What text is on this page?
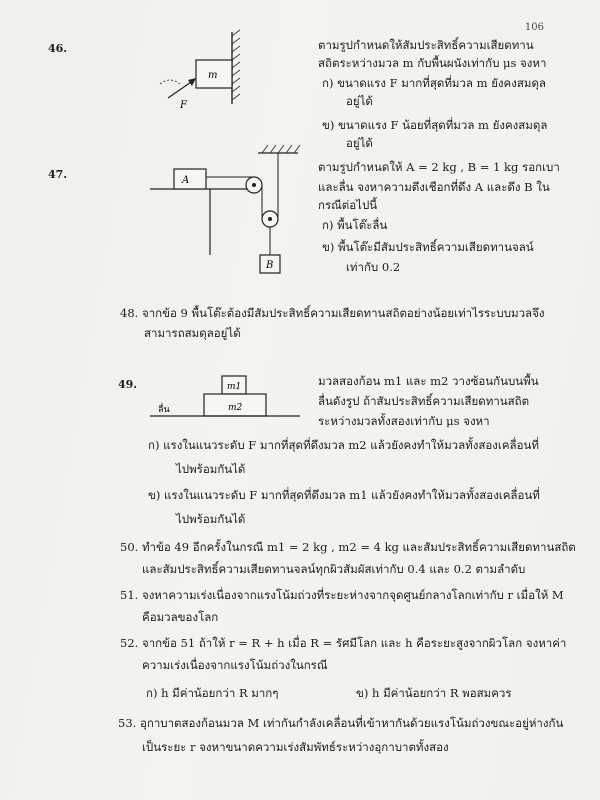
106
46.
m
F
ตามรูปกำหนดให้สัมประสิทธิ์ความเสียดทาน
สถิตระหว่างมวล m กับพื้นผนังเท่ากับ μs จงหา
ก) ขนาดแรง F มากที่สุดที่มวล m ยังคงสมดุล
อยู่ได้
ข) ขนาดแรง F น้อยที่สุดที่มวล m ยังคงสมดุล
อยู่ได้
47.	A
B
ตามรูปกำหนดให้ A = 2 kg , B = 1 kg รอกเบา
และลื่น จงหาความตึงเชือกที่ดึง A และดึง B ใน
กรณีต่อไปนี้
ก) พื้นโต๊ะลื่น
ข) พื้นโต๊ะมีสัมประสิทธิ์ความเสียดทานจลน์
เท่ากับ 0.2
48. จากข้อ 9 พื้นโต๊ะต้องมีสัมประสิทธิ์ความเสียดทานสถิตอย่างน้อยเท่าไรระบบมวลจึง
สามารถสมดุลอยู่ได้
49.	m1
m2
ลื่น
มวลสองก้อน m1 และ m2 วางซ้อนกันบนพื้น
ลื่นดังรูป ถ้าสัมประสิทธิ์ความเสียดทานสถิต
ระหว่างมวลทั้งสองเท่ากับ μs จงหา
ก) แรงในแนวระดับ F มากที่สุดที่ดึงมวล m2 แล้วยังคงทำให้มวลทั้งสองเคลื่อนที่
ไปพร้อมกันได้
ข) แรงในแนวระดับ F มากที่สุดที่ดึงมวล m1 แล้วยังคงทำให้มวลทั้งสองเคลื่อนที่
ไปพร้อมกันได้
50. ทำข้อ 49 อีกครั้งในกรณี m1 = 2 kg , m2 = 4 kg และสัมประสิทธิ์ความเสียดทานสถิต
และสัมประสิทธิ์ความเสียดทานจลน์ทุกผิวสัมผัสเท่ากับ 0.4 และ 0.2 ตามลำดับ
51. จงหาความเร่งเนื่องจากแรงโน้มถ่วงที่ระยะห่างจากจุดศูนย์กลางโลกเท่ากับ r เมื่อให้ M
คือมวลของโลก
52. จากข้อ 51 ถ้าให้ r = R + h เมื่อ R = รัศมีโลก และ h คือระยะสูงจากผิวโลก จงหาค่า
ความเร่งเนื่องจากแรงโน้มถ่วงในกรณี
ก) h มีค่าน้อยกว่า R มากๆ	ข) h มีค่าน้อยกว่า R พอสมควร
53. อุกาบาตสองก้อนมวล M เท่ากันกำลังเคลื่อนที่เข้าหากันด้วยแรงโน้มถ่วงขณะอยู่ห่างกัน
เป็นระยะ r จงหาขนาดความเร่งสัมพัทธ์ระหว่างอุกาบาตทั้งสอง
